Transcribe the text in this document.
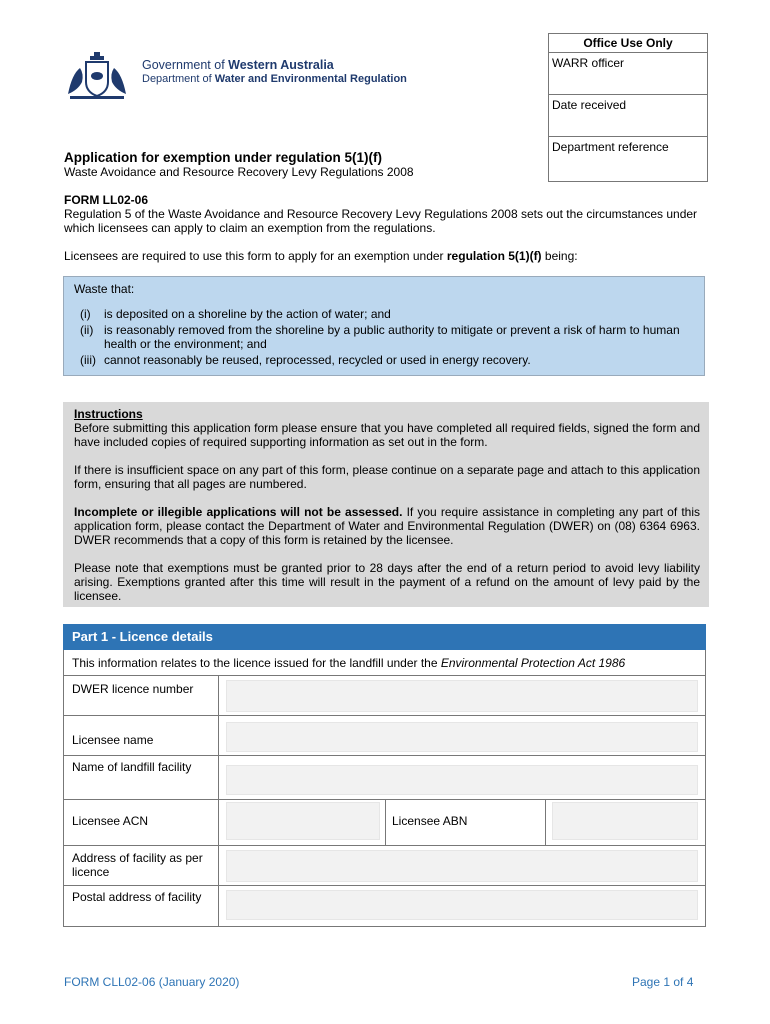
Government of Western Australia
Department of Water and Environmental Regulation
Office Use Only
WARR officer
Date received
Department reference
Application for exemption under regulation 5(1)(f)
Waste Avoidance and Resource Recovery Levy Regulations 2008
FORM LL02-06
Regulation 5 of the Waste Avoidance and Resource Recovery Levy Regulations 2008 sets out the circumstances under which licensees can apply to claim an exemption from the regulations.
Licensees are required to use this form to apply for an exemption under regulation 5(1)(f) being:
Waste that:
(i)	is deposited on a shoreline by the action of water; and
(ii) is reasonably removed from the shoreline by a public authority to mitigate or prevent a risk of harm to human health or the environment; and
(iii) cannot reasonably be reused, reprocessed, recycled or used in energy recovery.
Instructions
Before submitting this application form please ensure that you have completed all required fields, signed the form and have included copies of required supporting information as set out in the form.
If there is insufficient space on any part of this form, please continue on a separate page and attach to this application form, ensuring that all pages are numbered.
Incomplete or illegible applications will not be assessed. If you require assistance in completing any part of this application form, please contact the Department of Water and Environmental Regulation (DWER) on (08) 6364 6963. DWER recommends that a copy of this form is retained by the licensee.
Please note that exemptions must be granted prior to 28 days after the end of a return period to avoid levy liability arising. Exemptions granted after this time will result in the payment of a refund on the amount of levy paid by the licensee.
Part 1 - Licence details
This information relates to the licence issued for the landfill under the Environmental Protection Act 1986
DWER licence number
Licensee name
Name of landfill facility
Licensee ACN	Licensee ABN
Address of facility as per licence
Postal address of facility
FORM CLL02-06 (January 2020)	Page 1 of 4
